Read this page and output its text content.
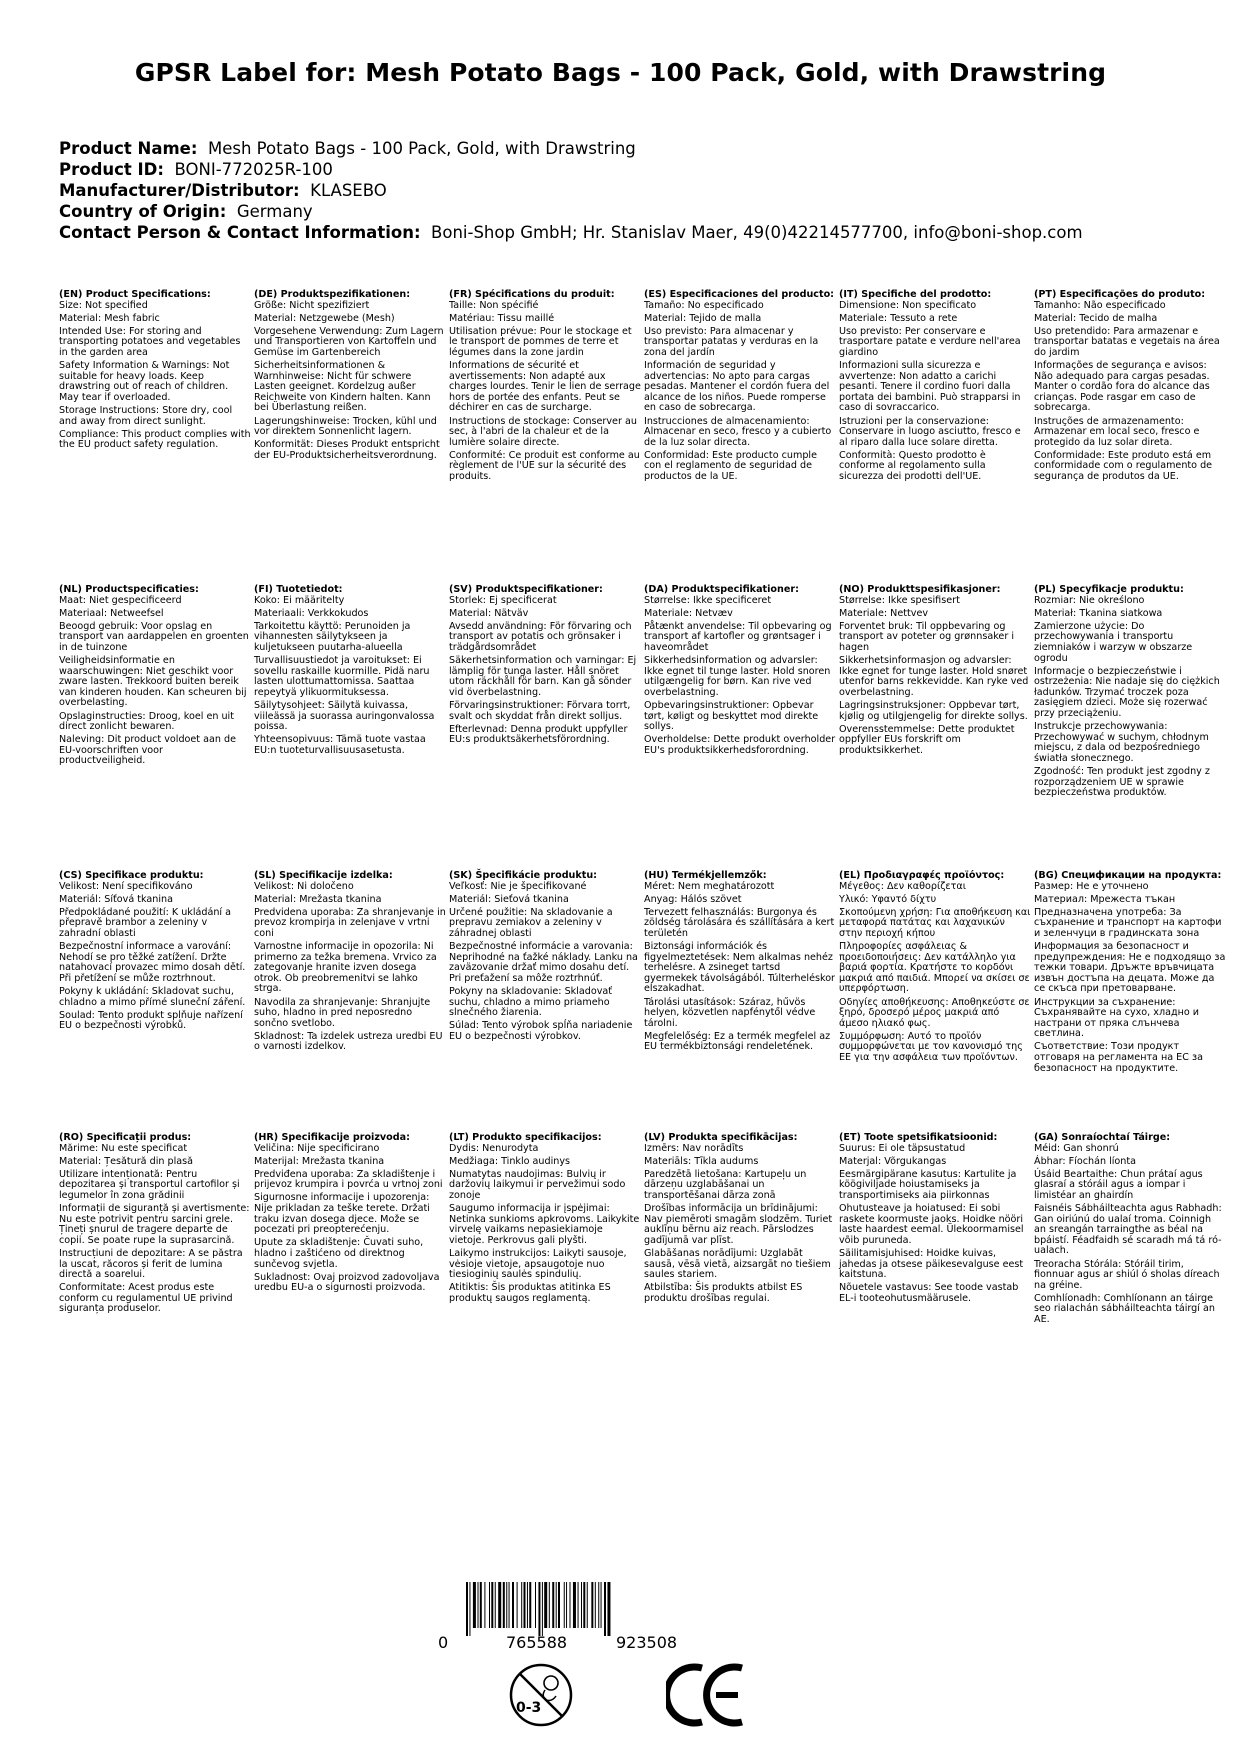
GPSR Label for: Mesh Potato Bags - 100 Pack, Gold, with Drawstring
Product Name: Mesh Potato Bags - 100 Pack, Gold, with Drawstring
Product ID: BONI-772025R-100
Manufacturer/Distributor: KLASEBO
Country of Origin: Germany
Contact Person & Contact Information: Boni-Shop GmbH; Hr. Stanislav Maer, 49(0)42214577700, info@boni-shop.com
(EN) Product Specifications:
Size: Not specified
Material: Mesh fabric
Intended Use: For storing and transporting potatoes and vegetables in the garden area
Safety Information & Warnings: Not suitable for heavy loads. Keep drawstring out of reach of children. May tear if overloaded.
Storage Instructions: Store dry, cool and away from direct sunlight.
Compliance: This product complies with the EU product safety regulation.
(DE) Produktspezifikationen:
Größe: Nicht spezifiziert
Material: Netzgewebe (Mesh)
Vorgesehene Verwendung: Zum Lagern und Transportieren von Kartoffeln und Gemüse im Gartenbereich
Sicherheitsinformationen & Warnhinweise: Nicht für schwere Lasten geeignet. Kordelzug außer Reichweite von Kindern halten. Kann bei Überlastung reißen.
Lagerungshinweise: Trocken, kühl und vor direktem Sonnenlicht lagern.
Konformität: Dieses Produkt entspricht der EU-Produktsicherheitsverordnung.
(FR) Spécifications du produit:
Taille: Non spécifié
Matériau: Tissu maillé
Utilisation prévue: Pour le stockage et le transport de pommes de terre et légumes dans la zone jardin
Informations de sécurité et avertissements: Non adapté aux charges lourdes. Tenir le lien de serrage hors de portée des enfants. Peut se déchirer en cas de surcharge.
Instructions de stockage: Conserver au sec, à l'abri de la chaleur et de la lumière solaire directe.
Conformité: Ce produit est conforme au règlement de l'UE sur la sécurité des produits.
(ES) Especificaciones del producto:
Tamaño: No especificado
Material: Tejido de malla
Uso previsto: Para almacenar y transportar patatas y verduras en la zona del jardín
Información de seguridad y advertencias: No apto para cargas pesadas. Mantener el cordón fuera del alcance de los niños. Puede romperse en caso de sobrecarga.
Instrucciones de almacenamiento: Almacenar en seco, fresco y a cubierto de la luz solar directa.
Conformidad: Este producto cumple con el reglamento de seguridad de productos de la UE.
(IT) Specifiche del prodotto:
Dimensione: Non specificato
Materiale: Tessuto a rete
Uso previsto: Per conservare e trasportare patate e verdure nell'area giardino
Informazioni sulla sicurezza e avvertenze: Non adatto a carichi pesanti. Tenere il cordino fuori dalla portata dei bambini. Può strapparsi in caso di sovraccarico.
Istruzioni per la conservazione: Conservare in luogo asciutto, fresco e al riparo dalla luce solare diretta.
Conformità: Questo prodotto è conforme al regolamento sulla sicurezza dei prodotti dell'UE.
(PT) Especificações do produto:
Tamanho: Não especificado
Material: Tecido de malha
Uso pretendido: Para armazenar e transportar batatas e vegetais na área do jardim
Informações de segurança e avisos: Não adequado para cargas pesadas. Manter o cordão fora do alcance das crianças. Pode rasgar em caso de sobrecarga.
Instruções de armazenamento: Armazenar em local seco, fresco e protegido da luz solar direta.
Conformidade: Este produto está em conformidade com o regulamento de segurança de produtos da UE.
(NL) Productspecificaties:
Maat: Niet gespecificeerd
Materiaal: Netweefsel
Beoogd gebruik: Voor opslag en transport van aardappelen en groenten in de tuinzone
Veiligheidsinformatie en waarschuwingen: Niet geschikt voor zware lasten. Trekkoord buiten bereik van kinderen houden. Kan scheuren bij overbelasting.
Opslaginstructies: Droog, koel en uit direct zonlicht bewaren.
Naleving: Dit product voldoet aan de EU-voorschriften voor productveiligheid.
(FI) Tuotetiedot:
Koko: Ei määritelty
Materiaali: Verkkokudos
Tarkoitettu käyttö: Perunoiden ja vihannesten säilytykseen ja kuljetukseen puutarha-alueella
Turvallisuustiedot ja varoitukset: Ei sovellu raskaille kuormille. Pidä naru lasten ulottumattomissa. Saattaa repeytyä ylikuormituksessa.
Säilytysohjeet: Säilytä kuivassa, viileässä ja suorassa auringonvalossa poissa.
Yhteensopivuus: Tämä tuote vastaa EU:n tuoteturvallisuusasetusta.
(SV) Produktspecifikationer:
Storlek: Ej specificerat
Material: Nätväv
Avsedd användning: För förvaring och transport av potatis och grönsaker i trädgårdsområdet
Säkerhetsinformation och varningar: Ej lämplig för tunga laster. Håll snöret utom räckhåll för barn. Kan gå sönder vid överbelastning.
Förvaringsinstruktioner: Förvara torrt, svalt och skyddat från direkt solljus.
Efterlevnad: Denna produkt uppfyller EU:s produktsäkerhetsförordning.
(DA) Produktspecifikationer:
Størrelse: Ikke specificeret
Materiale: Netvæv
Påtænkt anvendelse: Til opbevaring og transport af kartofler og grøntsager i haveområdet
Sikkerhedsinformation og advarsler: Ikke egnet til tunge laster. Hold snoren utilgængelig for børn. Kan rive ved overbelastning.
Opbevaringsinstruktioner: Opbevar tørt, køligt og beskyttet mod direkte sollys.
Overholdelse: Dette produkt overholder EU's produktsikkerhedsforordning.
(NO) Produkttspesifikasjoner:
Størrelse: Ikke spesifisert
Materiale: Nettvev
Forventet bruk: Til oppbevaring og transport av poteter og grønnsaker i hagen
Sikkerhetsinformasjon og advarsler: Ikke egnet for tunge laster. Hold snøret utenfor barns rekkevidde. Kan ryke ved overbelastning.
Lagringsinstruksjoner: Oppbevar tørt, kjølig og utilgjengelig for direkte sollys.
Overensstemmelse: Dette produktet oppfyller EUs forskrift om produktsikkerhet.
(PL) Specyfikacje produktu:
Rozmiar: Nie określono
Materiał: Tkanina siatkowa
Zamierzone użycie: Do przechowywania i transportu ziemniaków i warzyw w obszarze ogrodu
Informacje o bezpieczeństwie i ostrzeżenia: Nie nadaje się do ciężkich ładunków. Trzymać troczek poza zasięgiem dzieci. Może się rozerwać przy przeciążeniu.
Instrukcje przechowywania: Przechowywać w suchym, chłodnym miejscu, z dala od bezpośredniego światła słonecznego.
Zgodność: Ten produkt jest zgodny z rozporządzeniem UE w sprawie bezpieczeństwa produktów.
(CS) Specifikace produktu:
Velikost: Není specifikováno
Materiál: Síťová tkanina
Předpokládané použití: K ukládání a přepravě brambor a zeleniny v zahradní oblasti
Bezpečnostní informace a varování: Nehodí se pro těžké zatížení. Držte natahovací provazec mimo dosah dětí. Při přetížení se může roztrhnout.
Pokyny k ukládání: Skladovat suchu, chladno a mimo přímé sluneční záření.
Soulad: Tento produkt splňuje nařízení EU o bezpečnosti výrobků.
(SL) Specifikacije izdelka:
Velikost: Ni določeno
Material: Mrežasta tkanina
Predvidena uporaba: Za shranjevanje in prevoz krompirja in zelenjave v vrtni coni
Varnostne informacije in opozorila: Ni primerno za težka bremena. Vrvico za zategovanje hranite izven dosega otrok. Ob preobremenitvi se lahko strga.
Navodila za shranjevanje: Shranjujte suho, hladno in pred neposredno sončno svetlobo.
Skladnost: Ta izdelek ustreza uredbi EU o varnosti izdelkov.
(SK) Špecifikácie produktu:
Veľkosť: Nie je špecifikované
Materiál: Sieťová tkanina
Určené použitie: Na skladovanie a prepravu zemiakov a zeleniny v záhradnej oblasti
Bezpečnostné informácie a varovania: Neprihodné na ťažké náklady. Lanku na zaväzovanie držať mimo dosahu detí. Pri preťažení sa môže roztrhnúť.
Pokyny na skladovanie: Skladovať suchu, chladno a mimo priameho slnečného žiarenia.
Súlad: Tento výrobok spĺňa nariadenie EU o bezpečnosti výrobkov.
(HU) Termékjellemzők:
Méret: Nem meghatározott
Anyag: Hálós szövet
Tervezett felhasználás: Burgonya és zöldség tárolására és szállítására a kert területén
Biztonsági információk és figyelmeztetések: Nem alkalmas nehéz terhelésre. A zsineget tartsd gyermekek távolságából. Túlterheléskor elszakadhat.
Tárolási utasítások: Száraz, hűvös helyen, közvetlen napfénytől védve tárolni.
Megfelelőség: Ez a termék megfelel az EU termékbiztonsági rendeletének.
(EL) Προδιαγραφές προϊόντος:
Μέγεθος: Δεν καθορίζεται
Υλικό: Υφαντό δίχτυ
Σκοπούμενη χρήση: Για αποθήκευση και μεταφορά πατάτας και λαχανικών στην περιοχή κήπου
Πληροφορίες ασφάλειας & προειδοποιήσεις: Δεν κατάλληλο για βαριά φορτία. Κρατήστε το κορδόνι μακριά από παιδιά. Μπορεί να σκίσει σε υπερφόρτωση.
Οδηγίες αποθήκευσης: Αποθηκεύστε σε ξηρό, δροσερό μέρος μακριά από άμεσο ηλιακό φως.
Συμμόρφωση: Αυτό το προϊόν συμμορφώνεται με τον κανονισμό της ΕΕ για την ασφάλεια των προϊόντων.
(BG) Спецификации на продукта:
Размер: Не е уточнено
Материал: Мрежеста тъкан
Предназначена употреба: За съхранение и транспорт на картофи и зеленчуци в градинската зона
Информация за безопасност и предупреждения: Не е подходящо за тежки товари. Дръжте връвчицата извън достъпа на децата. Може да се скъса при претоварване.
Инструкции за съхранение: Съхранявайте на сухо, хладно и настрани от пряка слънчева светлина.
Съответствие: Този продукт отговаря на регламента на ЕС за безопасност на продуктите.
(RO) Specificații produs:
Mărime: Nu este specificat
Material: Țesătură din plasă
Utilizare intenționată: Pentru depozitarea și transportul cartofilor și legumelor în zona grădinii
Informații de siguranță și avertismente: Nu este potrivit pentru sarcini grele. Țineți șnurul de tragere departe de copii. Se poate rupe la suprasarcină.
Instrucțiuni de depozitare: A se păstra la uscat, răcoros și ferit de lumina directă a soarelui.
Conformitate: Acest produs este conform cu regulamentul UE privind siguranța produselor.
(HR) Specifikacije proizvoda:
Veličina: Nije specificirano
Materijal: Mrežasta tkanina
Predviđena uporaba: Za skladištenje i prijevoz krumpira i povrća u vrtnoj zoni
Sigurnosne informacije i upozorenja: Nije prikladan za teške terete. Držati traku izvan dosega djece. Može se pocezati pri preopterećenju.
Upute za skladištenje: Čuvati suho, hladno i zaštićeno od direktnog sunčevog svjetla.
Sukladnost: Ovaj proizvod zadovoljava uredbu EU-a o sigurnosti proizvoda.
(LT) Produkto specifikacijos:
Dydis: Nenurodyta
Medžiaga: Tinklo audinys
Numatytas naudojimas: Bulvių ir daržovių laikymui ir pervežimui sodo zonoje
Saugumo informacija ir įspėjimai: Netinka sunkioms apkrovoms. Laikykite virvelę vaikams nepasiekiamoje vietoje. Perkrovus gali plyšti.
Laikymo instrukcijos: Laikyti sausoje, vėsioje vietoje, apsaugotoje nuo tiesioginių saulės spindulių.
Atitiktis: Šis produktas atitinka ES produktų saugos reglamentą.
(LV) Produkta specifikācijas:
Izmērs: Nav norādīts
Materiāls: Tīkla audums
Paredzētā lietošana: Kartupeļu un dārzeņu uzglabāšanai un transportēšanai dārza zonā
Drošības informācija un brīdinājumi: Nav piemēroti smagām slodzēm. Turiet auklīņu bērnu aiz reach. Pārslodzes gadījumā var plīst.
Glabāšanas norādījumi: Uzglabāt sausā, vēsā vietā, aizsargāt no tiešiem saules stariem.
Atbilstība: Šis produkts atbilst ES produktu drošības regulai.
(ET) Toote spetsifikatsioonid:
Suurus: Ei ole täpsustatud
Materjal: Võrgukangas
Eesmärgipärane kasutus: Kartulite ja köögiviljade hoiustamiseks ja transportimiseks aia piirkonnas
Ohutusteave ja hoiatused: Ei sobi raskete koormuste jaoks. Hoidke nööri laste haardest eemal. Ülekoormamisel võib puruneda.
Säilitamisjuhised: Hoidke kuivas, jahedas ja otsese päikesevalguse eest kaitstuna.
Nõuetele vastavus: See toode vastab EL-i tooteohutusmäärusele.
(GA) Sonraíochtaí Táirge:
Méid: Gan shonrú
Ábhar: Fíochán líonta
Úsáid Beartaithe: Chun prátaí agus glasraí a stóráil agus a iompar i limistéar an ghairdín
Faisnéis Sábháilteachta agus Rabhadh: Gan oiriúnú do ualaí troma. Coinnigh an sreangán tarraingthe as béal na bpáistí. Féadfaidh sé scaradh má tá ró-ualach.
Treoracha Stórála: Stóráil tirim, fionnuar agus ar shiúl ó sholas díreach na gréine.
Comhlíonadh: Comhlíonann an táirge seo rialachán sábháilteachta táirgí an AE.
0	765588	923508
0-3
